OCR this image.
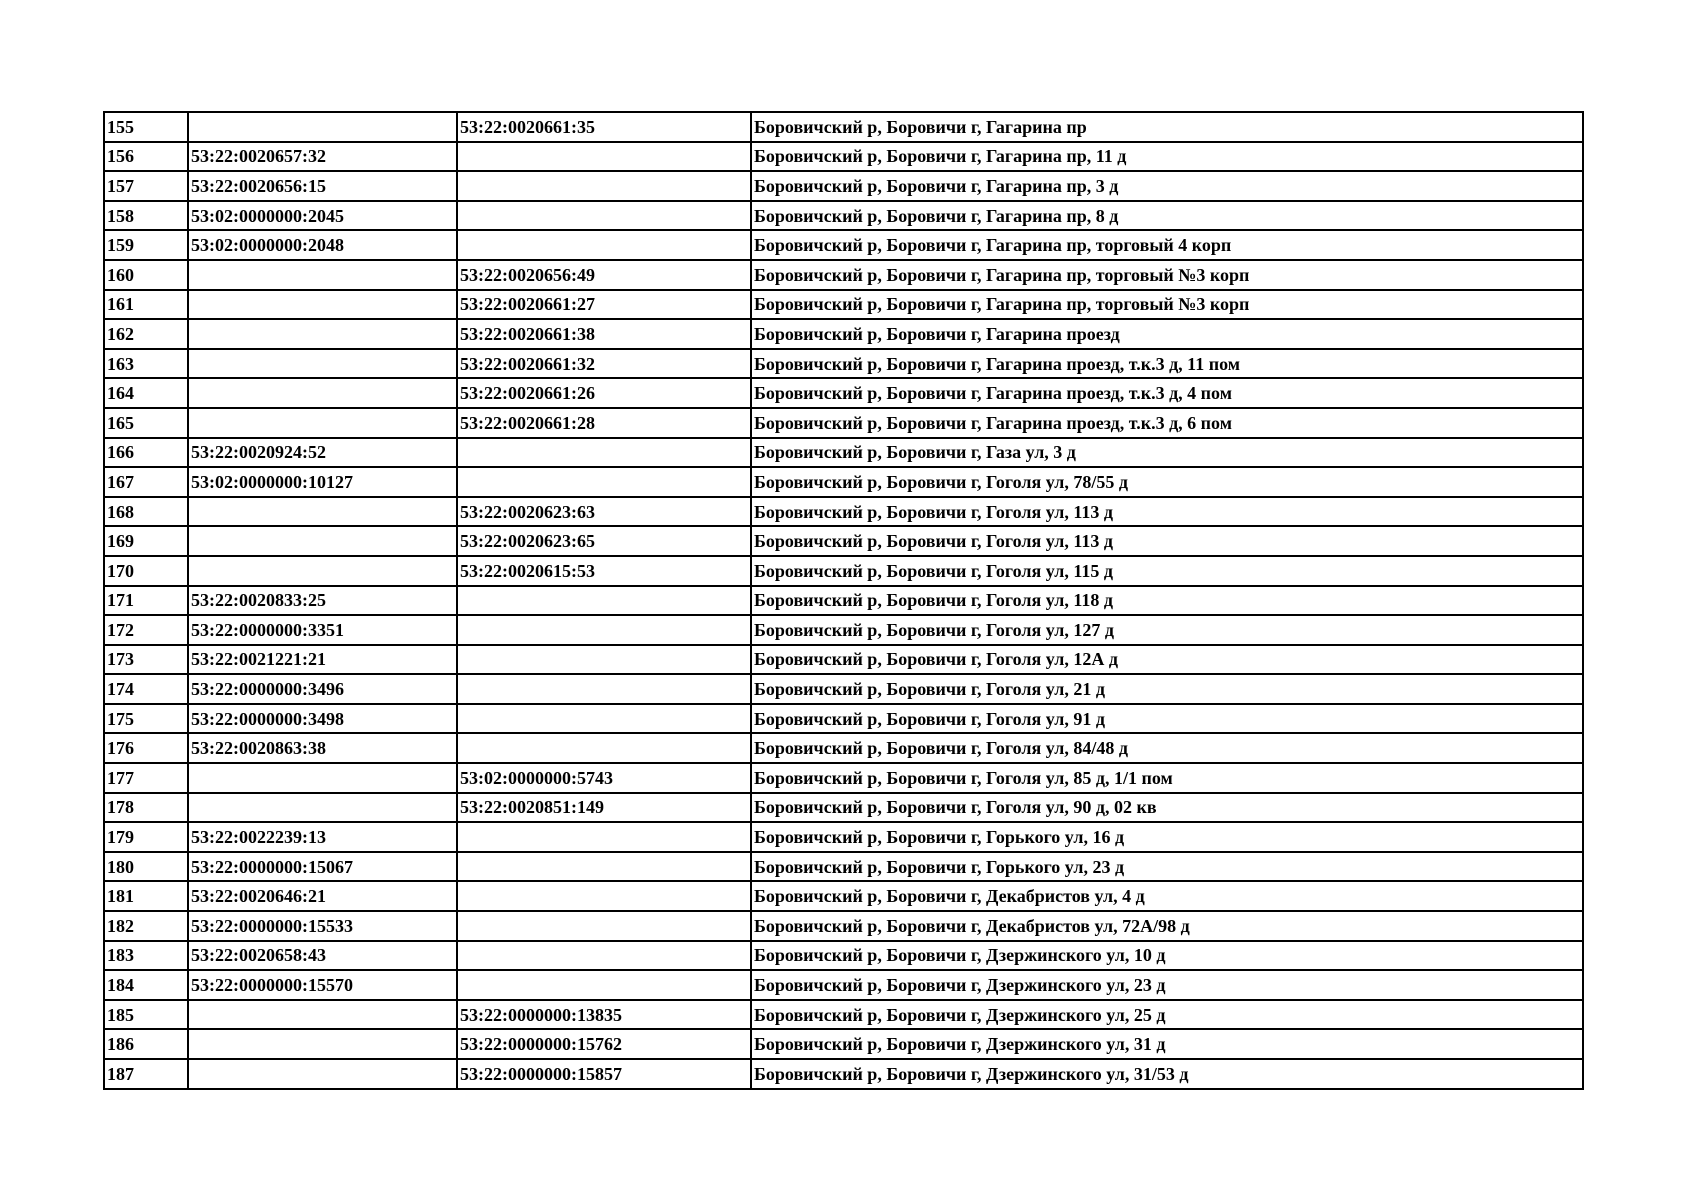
155		53:22:0020661:35	Боровичский р, Боровичи г, Гагарина пр
156	53:22:0020657:32		Боровичский р, Боровичи г, Гагарина пр, 11 д
157	53:22:0020656:15		Боровичский р, Боровичи г, Гагарина пр, 3 д
158	53:02:0000000:2045		Боровичский р, Боровичи г, Гагарина пр, 8 д
159	53:02:0000000:2048		Боровичский р, Боровичи г, Гагарина пр, торговый 4 корп
160		53:22:0020656:49	Боровичский р, Боровичи г, Гагарина пр, торговый №3 корп
161		53:22:0020661:27	Боровичский р, Боровичи г, Гагарина пр, торговый №3 корп
162		53:22:0020661:38	Боровичский р, Боровичи г, Гагарина проезд
163		53:22:0020661:32	Боровичский р, Боровичи г, Гагарина проезд, т.к.3 д, 11 пом
164		53:22:0020661:26	Боровичский р, Боровичи г, Гагарина проезд, т.к.3 д, 4 пом
165		53:22:0020661:28	Боровичский р, Боровичи г, Гагарина проезд, т.к.3 д, 6 пом
166	53:22:0020924:52		Боровичский р, Боровичи г, Газа ул, 3 д
167	53:02:0000000:10127		Боровичский р, Боровичи г, Гоголя ул, 78/55 д
168		53:22:0020623:63	Боровичский р, Боровичи г, Гоголя ул, 113 д
169		53:22:0020623:65	Боровичский р, Боровичи г, Гоголя ул, 113 д
170		53:22:0020615:53	Боровичский р, Боровичи г, Гоголя ул, 115 д
171	53:22:0020833:25		Боровичский р, Боровичи г, Гоголя ул, 118 д
172	53:22:0000000:3351		Боровичский р, Боровичи г, Гоголя ул, 127 д
173	53:22:0021221:21		Боровичский р, Боровичи г, Гоголя ул, 12А д
174	53:22:0000000:3496		Боровичский р, Боровичи г, Гоголя ул, 21 д
175	53:22:0000000:3498		Боровичский р, Боровичи г, Гоголя ул, 91 д
176	53:22:0020863:38		Боровичский р, Боровичи г, Гоголя ул, 84/48 д
177		53:02:0000000:5743	Боровичский р, Боровичи г, Гоголя ул, 85 д, 1/1 пом
178		53:22:0020851:149	Боровичский р, Боровичи г, Гоголя ул, 90 д, 02 кв
179	53:22:0022239:13		Боровичский р, Боровичи г, Горького ул, 16 д
180	53:22:0000000:15067		Боровичский р, Боровичи г, Горького ул, 23 д
181	53:22:0020646:21		Боровичский р, Боровичи г, Декабристов ул, 4 д
182	53:22:0000000:15533		Боровичский р, Боровичи г, Декабристов ул, 72А/98 д
183	53:22:0020658:43		Боровичский р, Боровичи г, Дзержинского ул, 10 д
184	53:22:0000000:15570		Боровичский р, Боровичи г, Дзержинского ул, 23 д
185		53:22:0000000:13835	Боровичский р, Боровичи г, Дзержинского ул, 25 д
186		53:22:0000000:15762	Боровичский р, Боровичи г, Дзержинского ул, 31 д
187		53:22:0000000:15857	Боровичский р, Боровичи г, Дзержинского ул, 31/53 д
